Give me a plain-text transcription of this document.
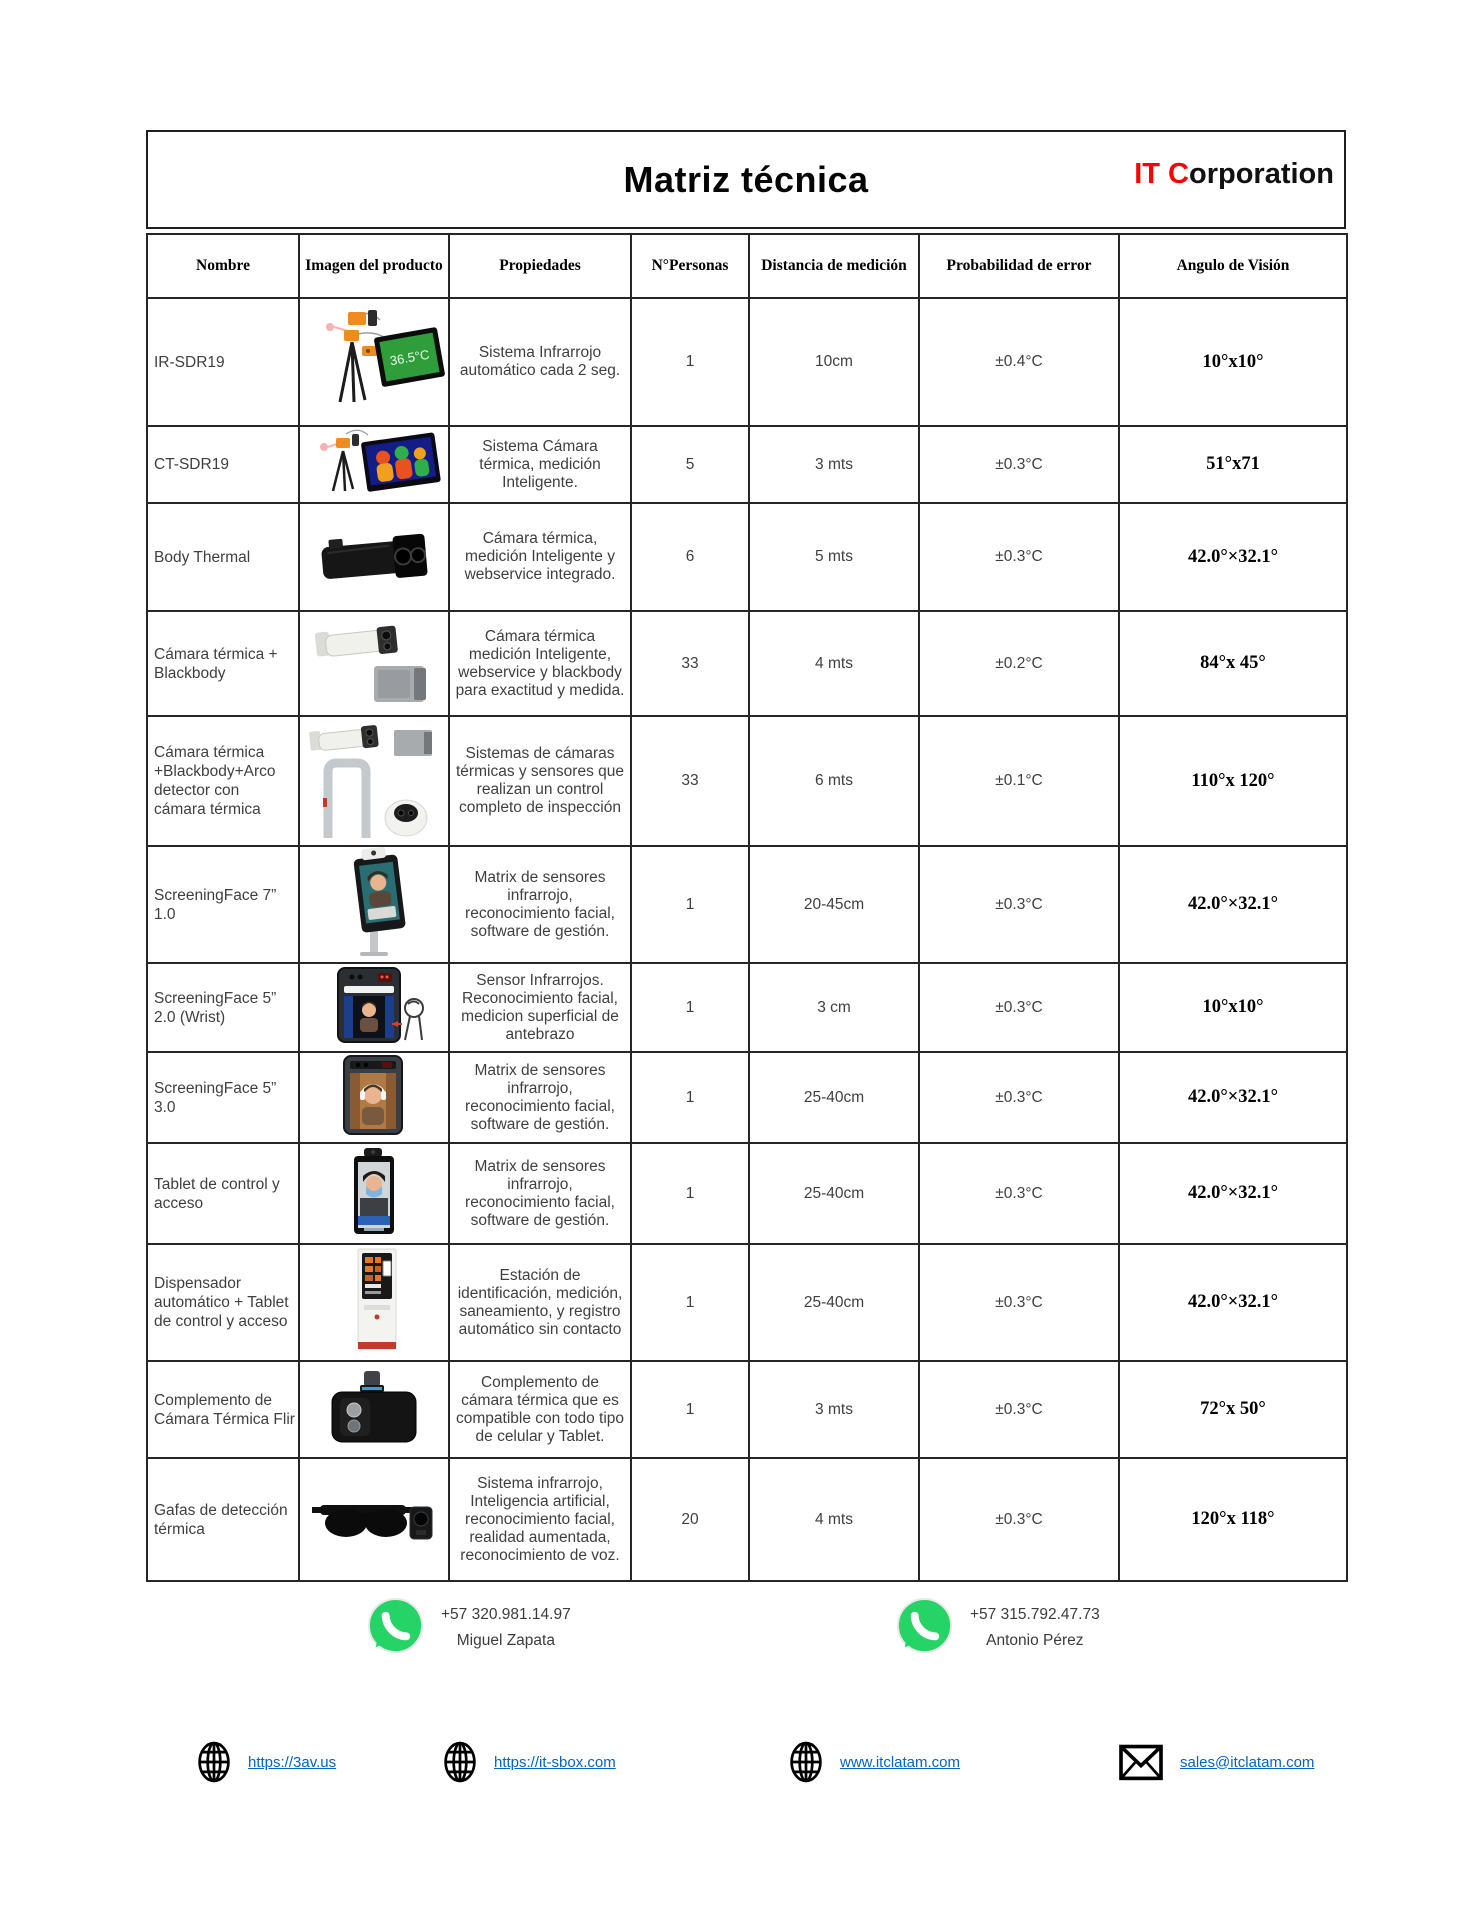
Matriz técnica	IT Corporation
Nombre	Imagen del producto	Propiedades	N°Personas	Distancia de medición	Probabilidad de error	Angulo de Visión
IR-SDR19	36.5°C	Sistema Infrarrojo automático cada 2 seg.	1	10cm	±0.4°C	10°x10°
CT-SDR19		Sistema Cámara térmica, medición Inteligente.	5	3 mts	±0.3°C	51°x71
Body Thermal		Cámara térmica, medición Inteligente y webservice integrado.	6	5 mts	±0.3°C	42.0°×32.1°
Cámara térmica + Blackbody		Cámara térmica medición Inteligente, webservice y blackbody para exactitud y medida.	33	4 mts	±0.2°C	84°x 45°
Cámara térmica +Blackbody+Arco detector con cámara térmica		Sistemas de cámaras térmicas y sensores que realizan un control completo de inspección	33	6 mts	±0.1°C	110°x 120°
ScreeningFace 7” 1.0		Matrix de sensores infrarrojo, reconocimiento facial, software de gestión.	1	20-45cm	±0.3°C	42.0°×32.1°
ScreeningFace 5” 2.0 (Wrist)		Sensor Infrarrojos. Reconocimiento facial, medicion superficial de antebrazo	1	3 cm	±0.3°C	10°x10°
ScreeningFace 5” 3.0		Matrix de sensores infrarrojo, reconocimiento facial, software de gestión.	1	25-40cm	±0.3°C	42.0°×32.1°
Tablet de control y acceso		Matrix de sensores infrarrojo, reconocimiento facial, software de gestión.	1	25-40cm	±0.3°C	42.0°×32.1°
Dispensador automático + Tablet de control y acceso		Estación de identificación, medición, saneamiento, y registro automático sin contacto	1	25-40cm	±0.3°C	42.0°×32.1°
Complemento de Cámara Térmica Flir		Complemento de cámara térmica que es compatible con todo tipo de celular y Tablet.	1	3 mts	±0.3°C	72°x 50°
Gafas de detección térmica		Sistema infrarrojo, Inteligencia artificial, reconocimiento facial, realidad aumentada, reconocimiento de voz.	20	4 mts	±0.3°C	120°x 118°
+57 320.981.14.97
Miguel Zapata
+57 315.792.47.73
Antonio Pérez
https://3av.us	https://it-sbox.com	www.itclatam.com	sales@itclatam.com
